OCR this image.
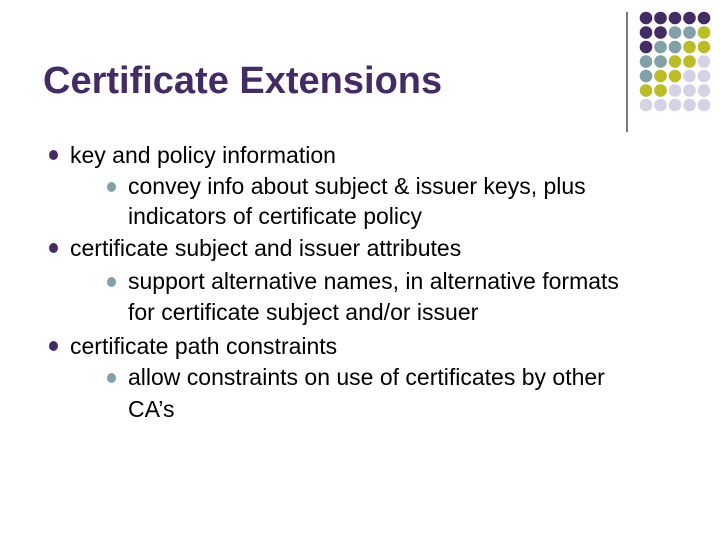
Certificate Extensions
key and policy information
convey info about subject & issuer keys, plus
indicators of certificate policy
certificate subject and issuer attributes
support alternative names, in alternative formats
for certificate subject and/or issuer
certificate path constraints
allow constraints on use of certificates by other
CA’s
